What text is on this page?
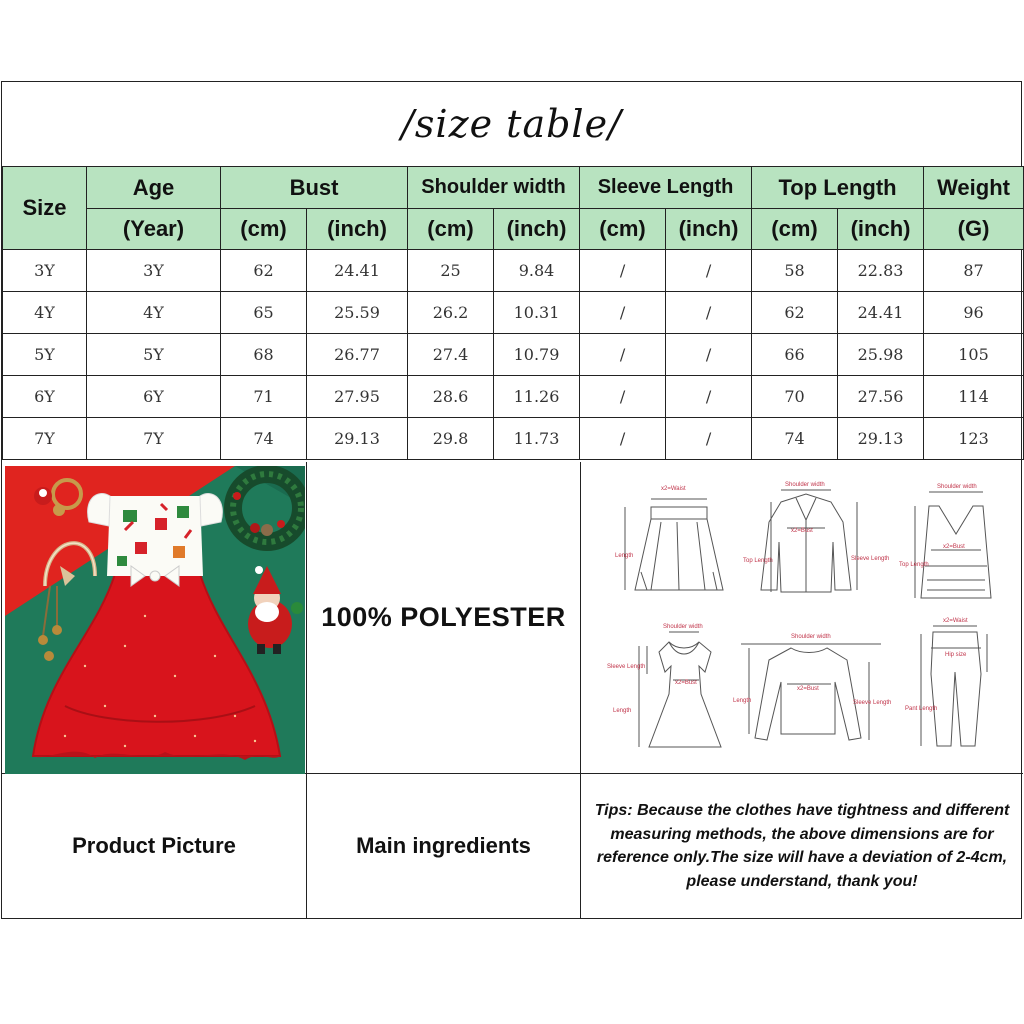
/size table/
Size	Age	Bust		Shoulder width		Sleeve Length		Top Length		Weight
	(Year)	(cm)	(inch)	(cm)	(inch)	(cm)	(inch)	(cm)	(inch)	(G)
3Y	3Y	62	24.41	25	9.84	/	/	58	22.83	87
4Y	4Y	65	25.59	26.2	10.31	/	/	62	24.41	96
5Y	5Y	68	26.77	27.4	10.79	/	/	66	25.98	105
6Y	6Y	71	27.95	28.6	11.26	/	/	70	27.56	114
7Y	7Y	74	29.13	29.8	11.73	/	/	74	29.13	123
100% POLYESTER
x2=Waist
Length
Shoulder width
x2=Bust
Top Length	Sleeve Length
Shoulder width
x2=Bust
Top Length
Shoulder width
Sleeve Length
x2=Bust
Length
Shoulder width
Length
x2=Bust
Sleeve Length
x2=Waist
Hip size
Pant Length
Product Picture	Main ingredients
Tips: Because the clothes have tightness and different measuring methods, the above dimensions are for reference only.The size will have a deviation of 2-4cm, please understand, thank you!
